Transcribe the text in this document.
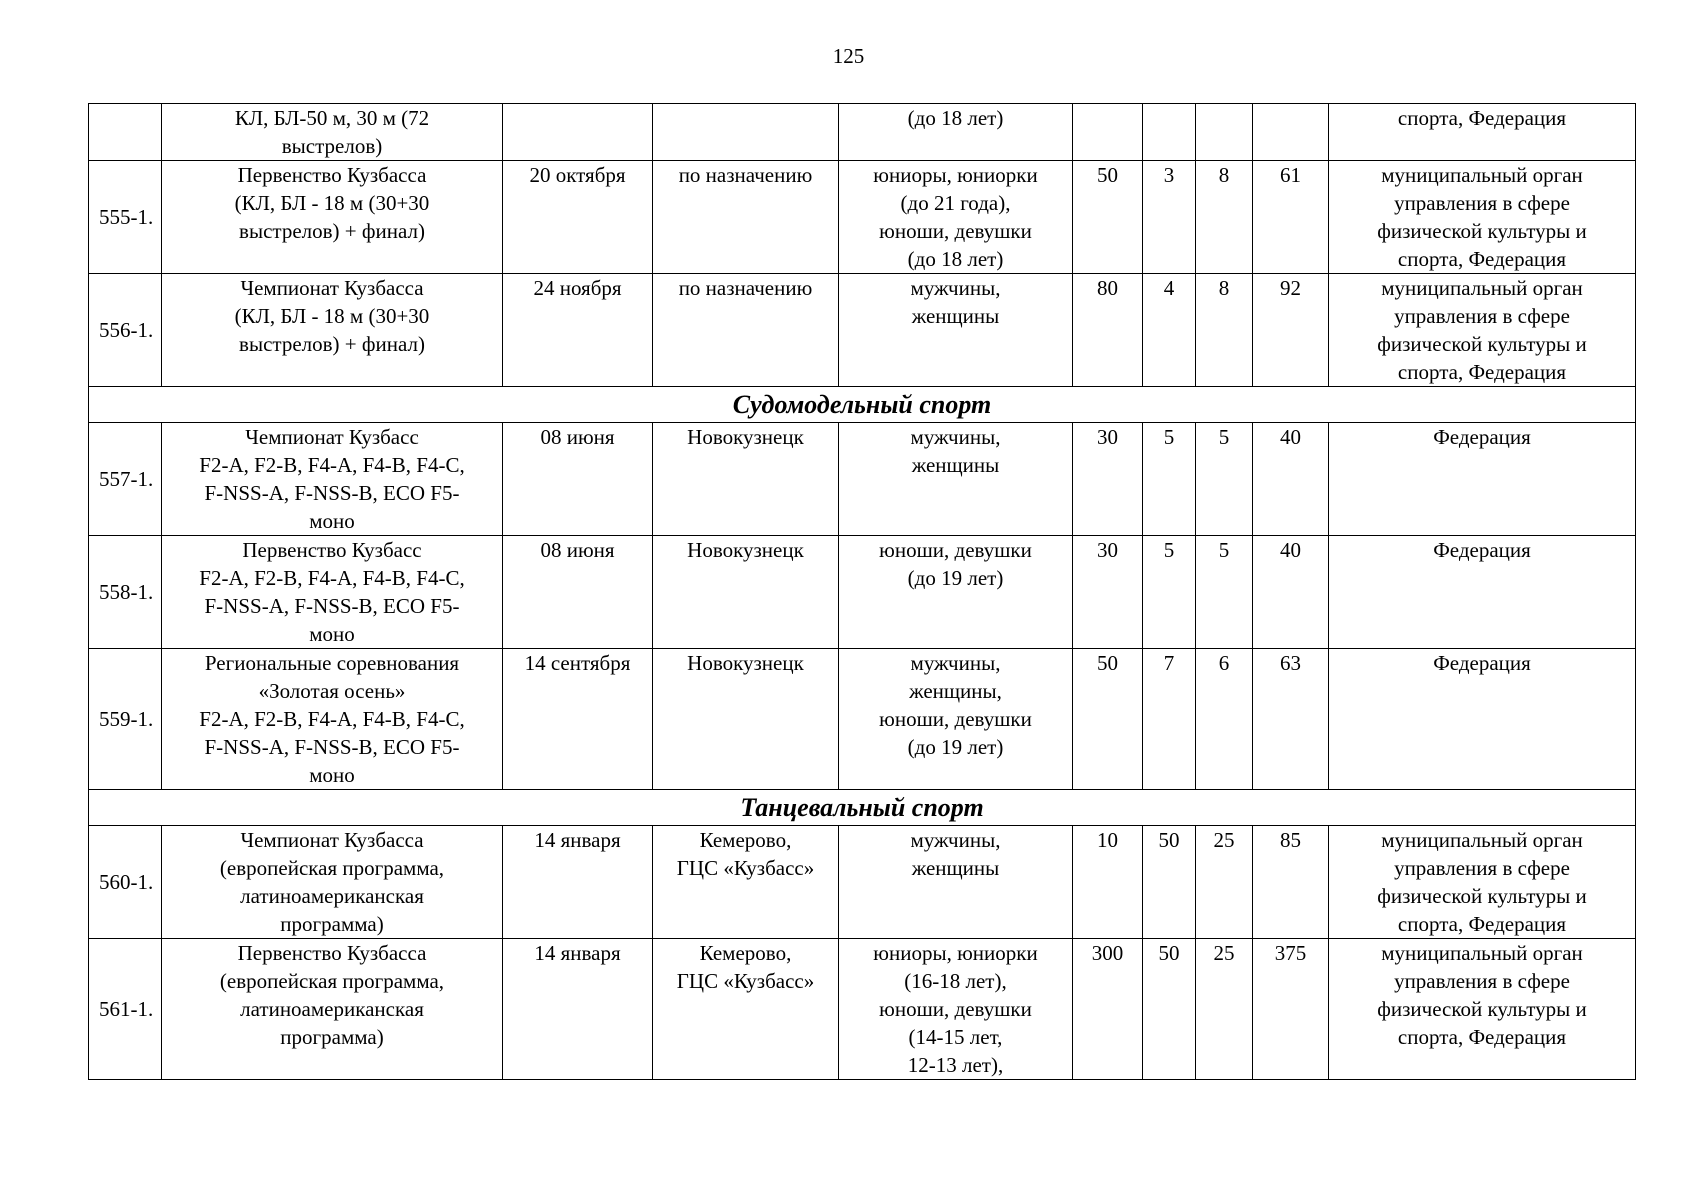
125

	КЛ, БЛ-50 м, 30 м (72
выстрелов)			(до 18 лет)					спорта, Федерация

555-1.	Первенство Кузбасса
(КЛ, БЛ - 18 м (30+30
выстрелов) + финал)	20 октября	по назначению	юниоры, юниорки
(до 21 года),
юноши, девушки
(до 18 лет)	50	3	8	61	муниципальный орган
управления в сфере
физической культуры и
спорта, Федерация

556-1.	Чемпионат Кузбасса
(КЛ, БЛ - 18 м (30+30
выстрелов) + финал)	24 ноября	по назначению	мужчины,
женщины	80	4	8	92	муниципальный орган
управления в сфере
физической культуры и
спорта, Федерация

Судомодельный спорт									
557-1.	Чемпионат Кузбасс
F2-A, F2-B, F4-A, F4-B, F4-C,
F-NSS-A, F-NSS-B, ECO F5-
моно	08 июня	Новокузнецк	мужчины,
женщины	30	5	5	40	Федерация

558-1.	Первенство Кузбасс
F2-A, F2-B, F4-A, F4-B, F4-C,
F-NSS-A, F-NSS-B, ECO F5-
моно	08 июня	Новокузнецк	юноши, девушки
(до 19 лет)	30	5	5	40	Федерация

559-1.	Региональные соревнования
«Золотая осень»
F2-A, F2-B, F4-A, F4-B, F4-C,
F-NSS-A, F-NSS-B, ECO F5-
моно	14 сентября	Новокузнецк	мужчины,
женщины,
юноши, девушки
(до 19 лет)	50	7	6	63	Федерация

Танцевальный спорт									
560-1.	Чемпионат Кузбасса
(европейская программа,
латиноамериканская
программа)	14 января	Кемерово,
ГЦС «Кузбасс»	мужчины,
женщины	10	50	25	85	муниципальный орган
управления в сфере
физической культуры и
спорта, Федерация

561-1.	Первенство Кузбасса
(европейская программа,
латиноамериканская
программа)	14 января	Кемерово,
ГЦС «Кузбасс»	юниоры, юниорки
(16-18 лет),
юноши, девушки
(14-15 лет,
12-13 лет),	300	50	25	375	муниципальный орган
управления в сфере
физической культуры и
спорта, Федерация
